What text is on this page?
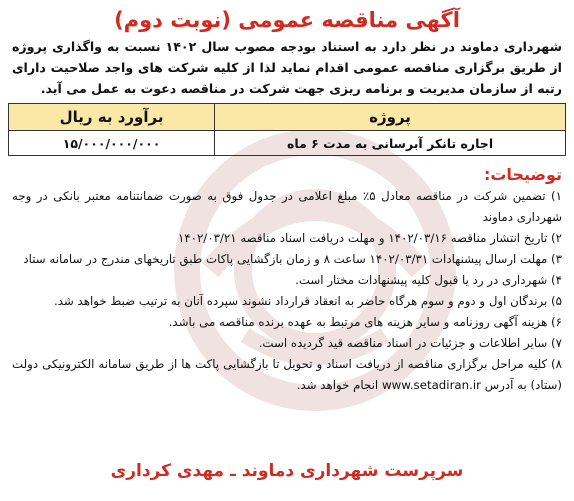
آگهی مناقصه عمومی (نوبت دوم)

شهرداری دماوند در نظر دارد به استناد بودجه مصوب سال ۱۴۰۲ نسبت به واگذاری پروژه از طریق برگزاری مناقصه عمومی اقدام نماید لذا از کلیه شرکت های واجد صلاحیت دارای رتبه از سازمان مدیریت و برنامه ریزی جهت شرکت در مناقصه دعوت به عمل می آید.

پروژه	برآورد به ریال
اجاره تانکر آبرسانی به مدت ۶ ماه	۱۵/۰۰۰/۰۰۰/۰۰۰
توضیحات:
۱) تضمین شرکت در مناقصه معادل ۵٪ مبلغ اعلامی در جدول فوق به صورت ضمانتنامه معتبر بانکی در وجه شهرداری دماوند
۲) تاریخ انتشار مناقصه ۱۴۰۲/۰۳/۱۶ و مهلت دریافت اسناد مناقصه ۱۴۰۲/۰۳/۲۱
۳) مهلت ارسال پیشنهادات ۱۴۰۲/۰۳/۳۱ ساعت ۸ و زمان بازگشایی پاکات طبق تاریخهای مندرج در سامانه ستاد
۴) شهرداری در رد یا قبول کلیه پیشنهادات مختار است.
۵) برندگان اول و دوم و سوم هرگاه حاضر به انعقاد قرارداد نشوند سپرده آنان به ترتیب ضبط خواهد شد.
۶) هزینه آگهی روزنامه و سایر هزینه های مرتبط به عهده برنده مناقصه می باشد.
۷) سایر اطلاعات و جزئیات در اسناد مناقصه قید گردیده است.
۸) کلیه مراحل برگزاری مناقصه از دریافت اسناد و تحویل تا بازگشایی پاکت ها از طریق سامانه الکترونیکی دولت (ستاد) به آدرس www.setadiran.ir انجام خواهد شد.
سرپرست شهرداری دماوند ـ مهدی کرداری
